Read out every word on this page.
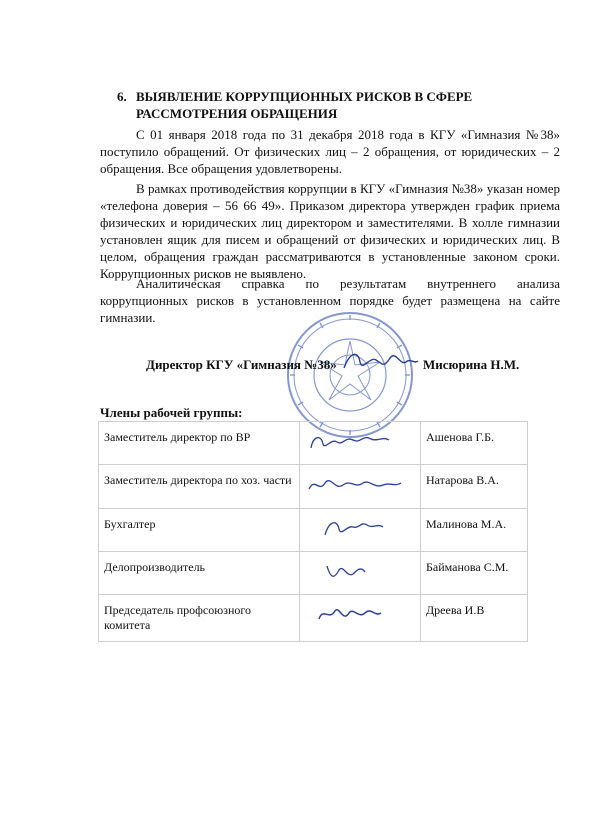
6. ВЫЯВЛЕНИЕ КОРРУПЦИОННЫХ РИСКОВ В СФЕРЕ РАССМОТРЕНИЯ ОБРАЩЕНИЯ
С 01 января 2018 года по 31 декабря 2018 года в КГУ «Гимназия №38» поступило обращений. От физических лиц – 2 обращения, от юридических – 2 обращения. Все обращения удовлетворены.
В рамках противодействия коррупции в КГУ «Гимназия №38» указан номер «телефона доверия – 56 66 49». Приказом директора утвержден график приема физических и юридических лиц директором и заместителями. В холле гимназии установлен ящик для писем и обращений от физических и юридических лиц. В целом, обращения граждан рассматриваются в установленные законом сроки. Коррупционных рисков не выявлено.
Аналитическая справка по результатам внутреннего анализа коррупционных рисков в установленном порядке будет размещена на сайте гимназии.
Директор КГУ «Гимназия №38»	Мисюрина Н.М.
Члены рабочей группы:
Заместитель директор по ВР		Ашенова Г.Б.
Заместитель директора по хоз. части		Натарова В.А.
Бухгалтер		Малинова М.А.
Делопроизводитель		Байманова С.М.
Председатель профсоюзного комитета		Дреева И.В
